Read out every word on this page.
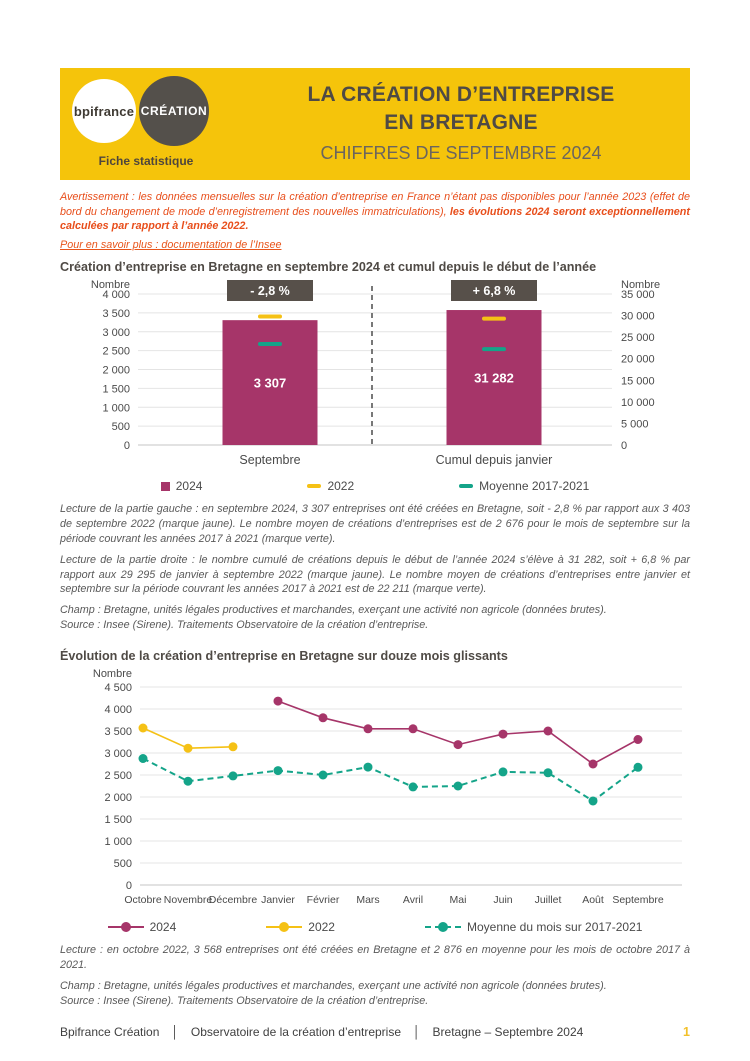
bpifrance CRÉATION
Fiche statistique
LA CRÉATION D’ENTREPRISE
EN BRETAGNE
CHIFFRES DE SEPTEMBRE 2024
Avertissement : les données mensuelles sur la création d’entreprise en France n’étant pas disponibles pour l’année 2023 (effet de bord du changement de mode d’enregistrement des nouvelles immatriculations), les évolutions 2024 seront exceptionnellement calculées par rapport à l’année 2022.
Pour en savoir plus : documentation de l’Insee
Création d’entreprise en Bretagne en septembre 2024 et cumul depuis le début de l’année
0
500
1 000
1 500
2 000
2 500
3 000
3 500
4 000
0
5 000
10 000
15 000
20 000
25 000
30 000
35 000
Nombre	Nombre
- 2,8 %
3 307
Septembre
+ 6,8 %
31 282
Cumul depuis janvier
2024	2022	Moyenne 2017-2021
Lecture de la partie gauche : en septembre 2024, 3 307 entreprises ont été créées en Bretagne, soit - 2,8 % par rapport aux 3 403 de septembre 2022 (marque jaune). Le nombre moyen de créations d’entreprises est de 2 676 pour le mois de septembre sur la période couvrant les années 2017 à 2021 (marque verte).
Lecture de la partie droite : le nombre cumulé de créations depuis le début de l’année 2024 s’élève à 31 282, soit + 6,8 % par rapport aux 29 295 de janvier à septembre 2022 (marque jaune). Le nombre moyen de créations d’entreprises entre janvier et septembre sur la période couvrant les années 2017 à 2021 est de 22 211 (marque verte).
Champ : Bretagne, unités légales productives et marchandes, exerçant une activité non agricole (données brutes).
Source : Insee (Sirene). Traitements Observatoire de la création d’entreprise.
Évolution de la création d’entreprise en Bretagne sur douze mois glissants
0
500
1 000
1 500
2 000
2 500
3 000
3 500
4 000
4 500
Nombre
Octobre Novembre
Décembre Janvier Février Mars Avril	Mai	Juin Juillet Août Septembre
2024	2022	Moyenne du mois sur 2017-2021
Lecture : en octobre 2022, 3 568 entreprises ont été créées en Bretagne et 2 876 en moyenne pour les mois de octobre 2017 à 2021.
Champ : Bretagne, unités légales productives et marchandes, exerçant une activité non agricole (données brutes).
Source : Insee (Sirene). Traitements Observatoire de la création d’entreprise.
Bpifrance Création │ Observatoire de la création d’entreprise │ Bretagne – Septembre 2024	1
